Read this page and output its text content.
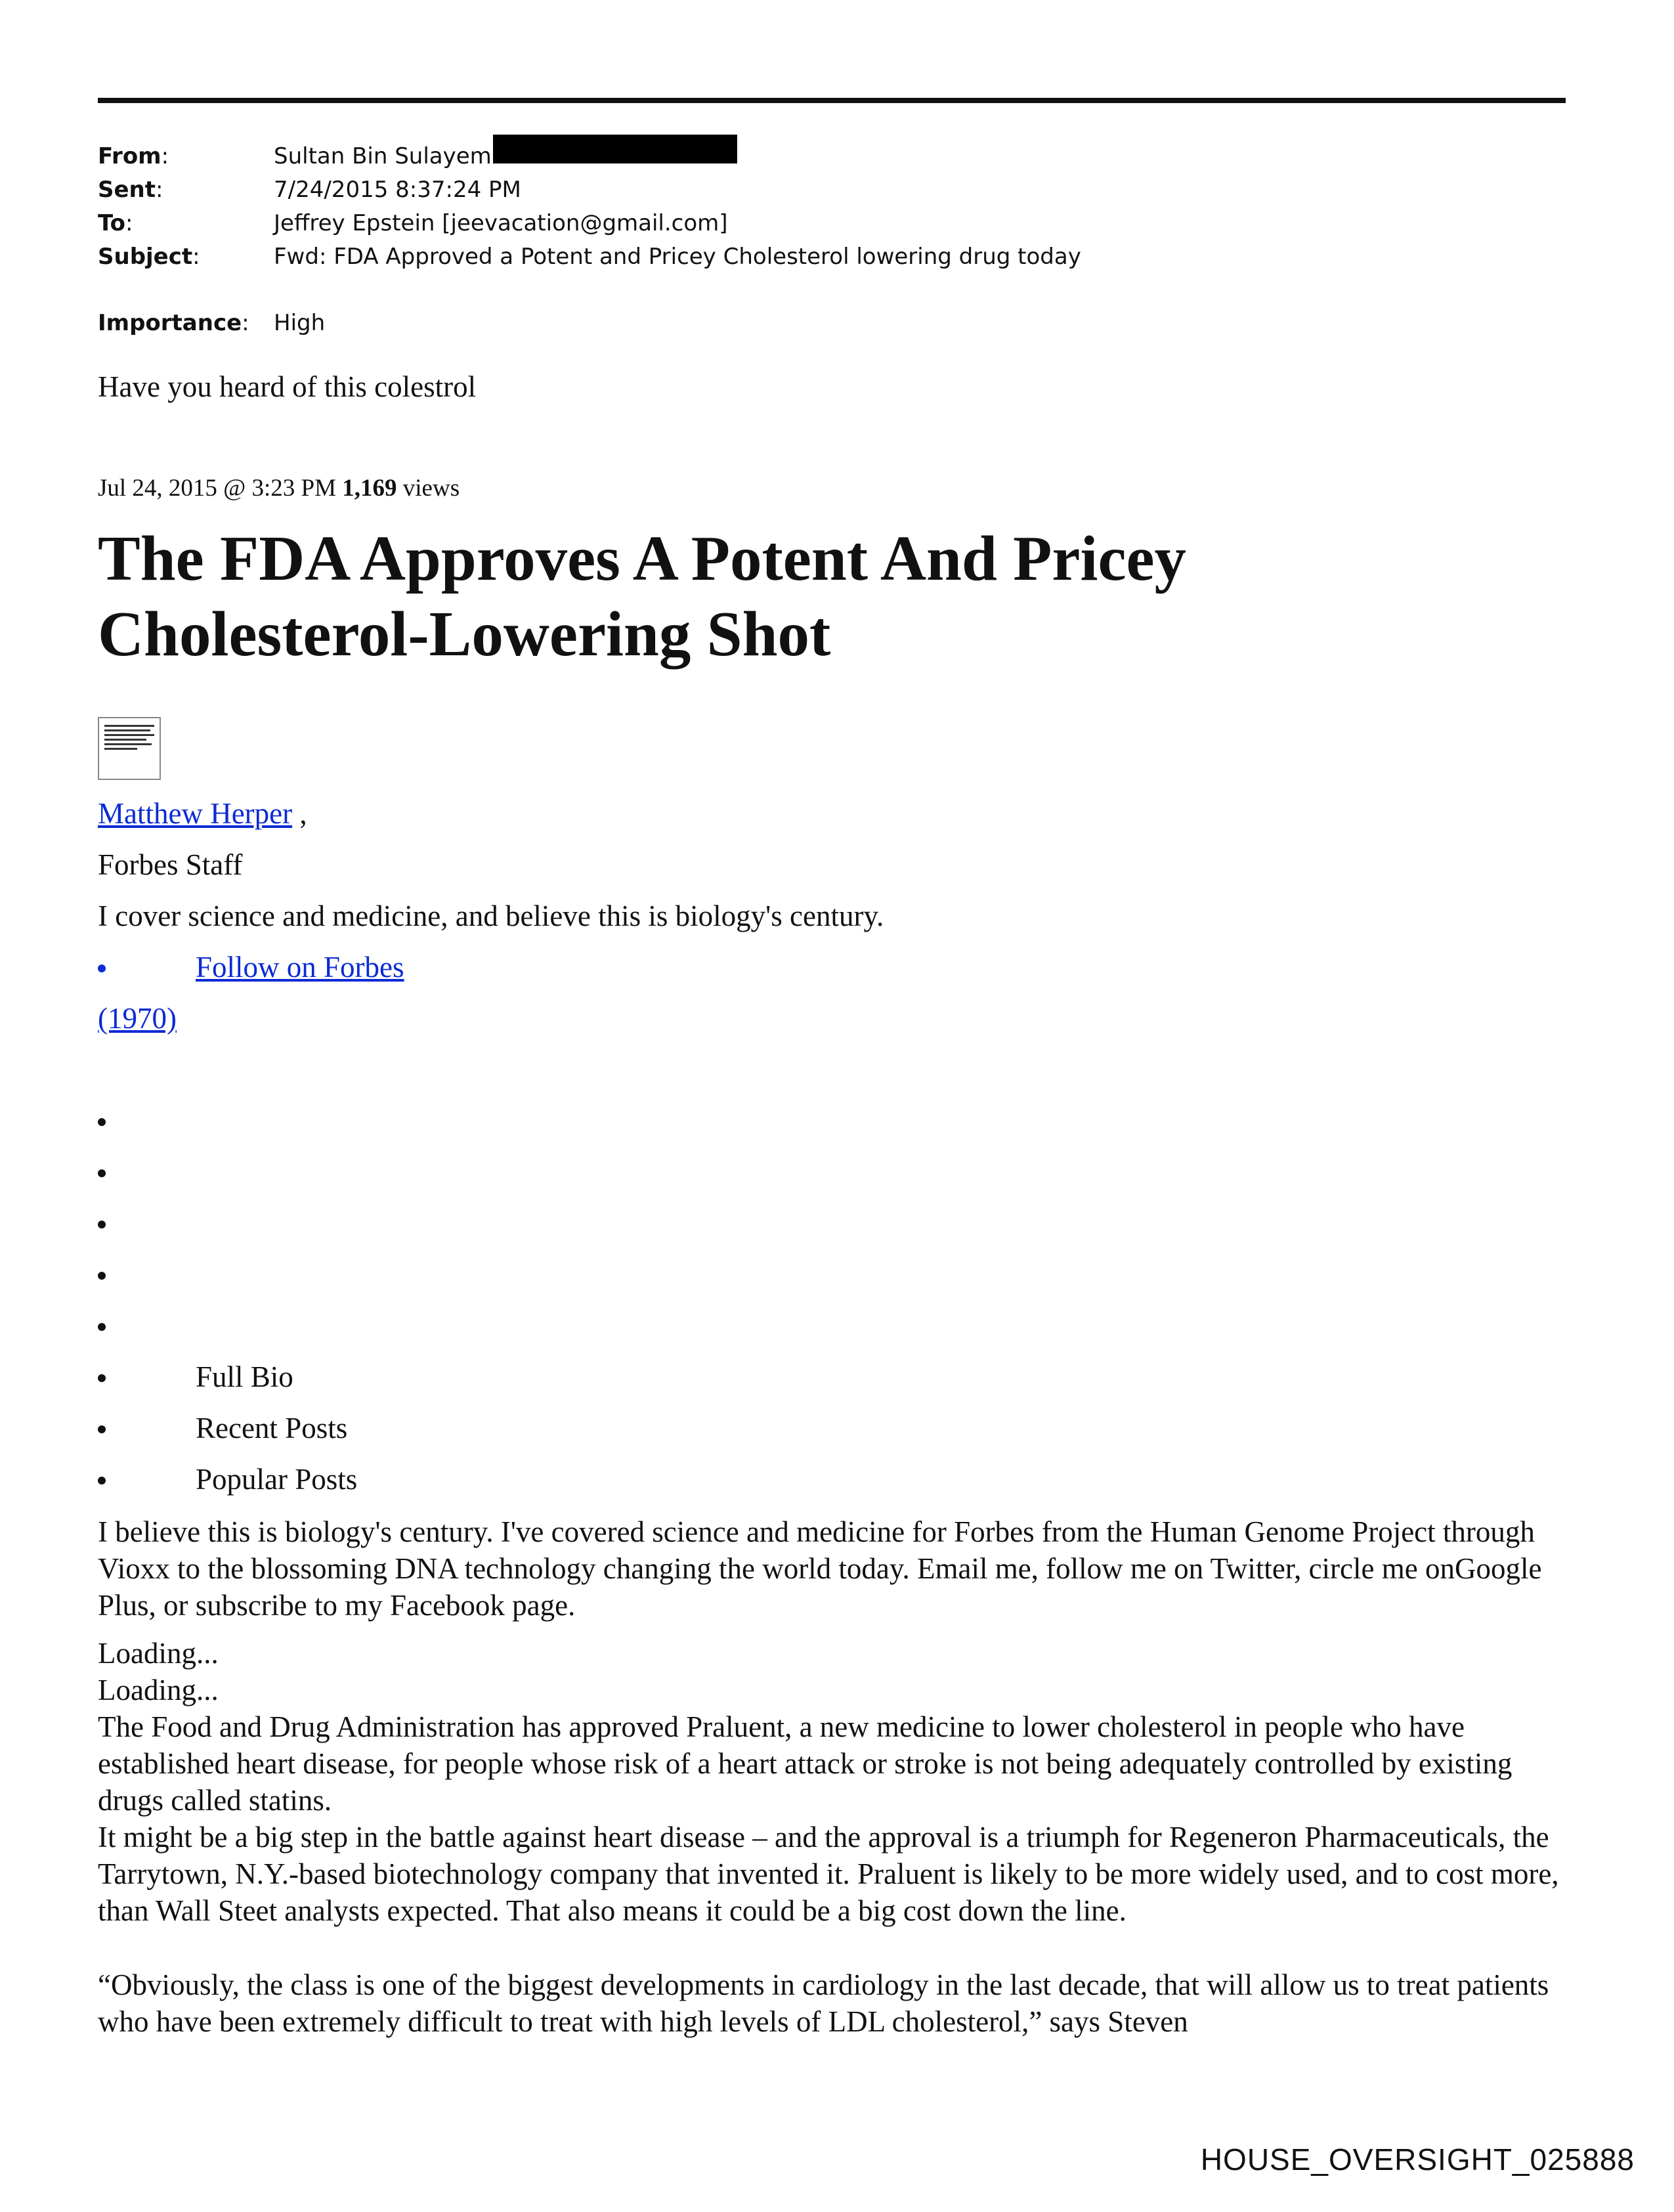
From:	Sultan Bin Sulayem
Sent:	7/24/2015 8:37:24 PM
To:	Jeffrey Epstein [jeevacation@gmail.com]
Subject:	Fwd: FDA Approved a Potent and Pricey Cholesterol lowering drug today
Importance:	High
Have you heard of this colestrol
Jul 24, 2015 @ 3:23 PM 1,169 views
The FDA Approves A Potent And Pricey
Cholesterol-Lowering Shot
Matthew Herper ,
Forbes Staff
I cover science and medicine, and believe this is biology's century.
Follow on Forbes
(1970)
Full Bio
Recent Posts
Popular Posts
I believe this is biology's century. I've covered science and medicine for Forbes from the Human Genome Project through Vioxx to the blossoming DNA technology changing the world today. Email me, follow me on Twitter, circle me onGoogle Plus, or subscribe to my Facebook page.
Loading...
Loading...
The Food and Drug Administration has approved Praluent, a new medicine to lower cholesterol in people who have established heart disease, for people whose risk of a heart attack or stroke is not being adequately controlled by existing drugs called statins.
It might be a big step in the battle against heart disease – and the approval is a triumph for Regeneron Pharmaceuticals, the Tarrytown, N.Y.-based biotechnology company that invented it. Praluent is likely to be more widely used, and to cost more, than Wall Steet analysts expected. That also means it could be a big cost down the line.
“Obviously, the class is one of the biggest developments in cardiology in the last decade, that will allow us to treat patients who have been extremely difficult to treat with high levels of LDL cholesterol,” says Steven
HOUSE_OVERSIGHT_025888
